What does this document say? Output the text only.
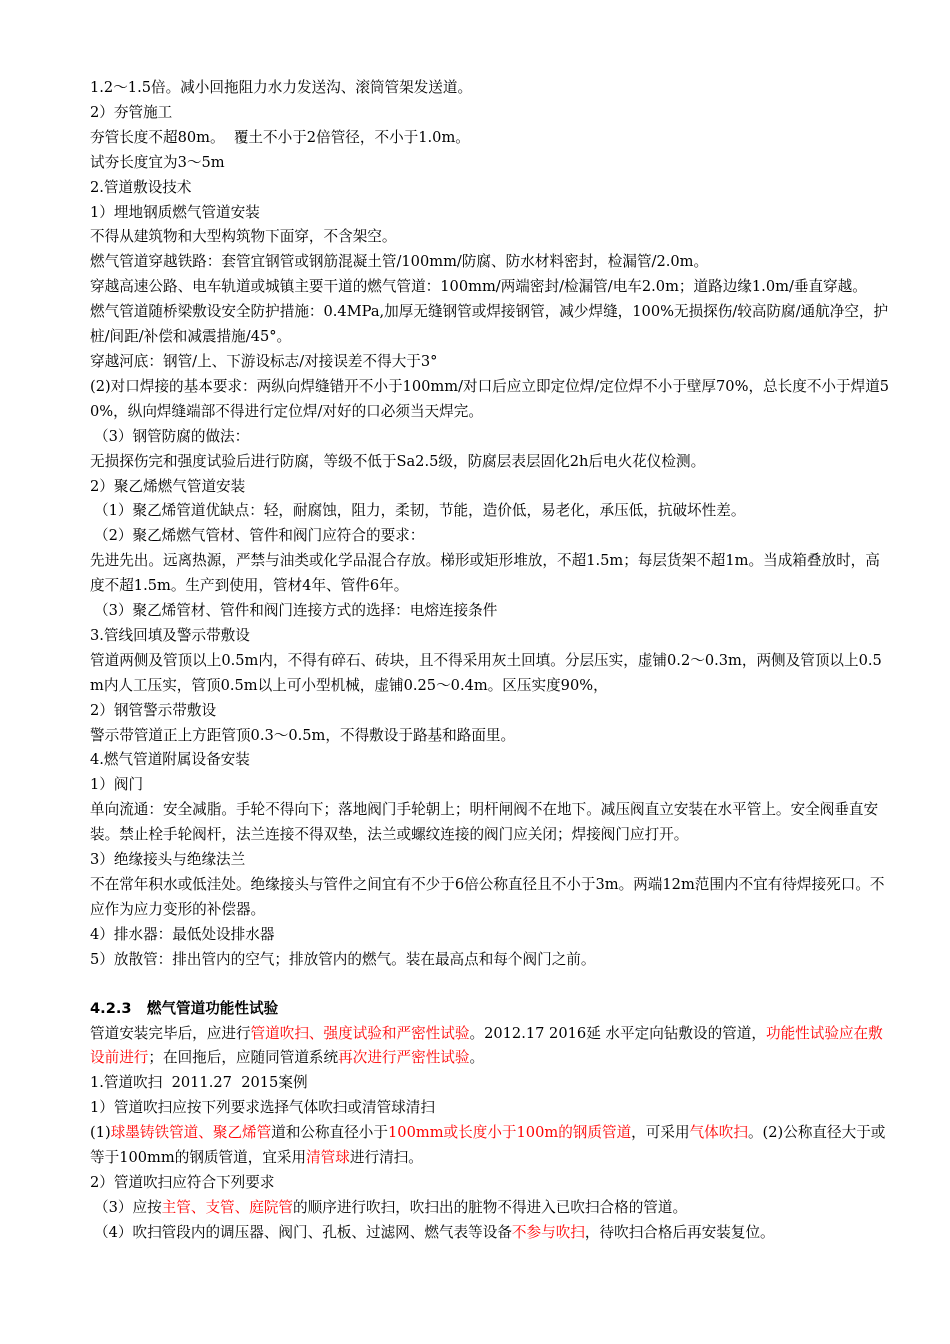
1.2～1.5倍。减小回拖阻力水力发送沟、滚筒管架发送道。

2）夯管施工

夯管长度不超80m。  覆土不小于2倍管径，不小于1.0m。

试夯长度宜为3～5m

2.管道敷设技术

1）埋地钢质燃气管道安装

不得从建筑物和大型构筑物下面穿，不含架空。

燃气管道穿越铁路：套管宜钢管或钢筋混凝土管/100mm/防腐、防水材料密封，检漏管/2.0m。

穿越高速公路、电车轨道或城镇主要干道的燃气管道：100mm/两端密封/检漏管/电车2.0m；道路边缘1.0m/垂直穿越。

燃气管道随桥梁敷设安全防护措施：0.4MPa,加厚无缝钢管或焊接钢管，减少焊缝，100%无损探伤/较高防腐/通航净空，护桩/间距/补偿和减震措施/45°。

穿越河底：钢管/上、下游设标志/对接误差不得大于3°

(2)对口焊接的基本要求：两纵向焊缝错开不小于100mm/对口后应立即定位焊/定位焊不小于壁厚70%，总长度不小于焊道50%，纵向焊缝端部不得进行定位焊/对好的口必须当天焊完。

（3）钢管防腐的做法：

无损探伤完和强度试验后进行防腐，等级不低于Sa2.5级，防腐层表层固化2h后电火花仪检测。

2）聚乙烯燃气管道安装

（1）聚乙烯管道优缺点：轻，耐腐蚀，阻力，柔韧，节能，造价低，易老化，承压低，抗破坏性差。

（2）聚乙烯燃气管材、管件和阀门应符合的要求：

先进先出。远离热源，严禁与油类或化学品混合存放。梯形或矩形堆放，不超1.5m；每层货架不超1m。当成箱叠放时，高度不超1.5m。生产到使用，管材4年、管件6年。

（3）聚乙烯管材、管件和阀门连接方式的选择：电熔连接条件

3.管线回填及警示带敷设

管道两侧及管顶以上0.5m内，不得有碎石、砖块，且不得采用灰土回填。分层压实，虚铺0.2～0.3m，两侧及管顶以上0.5m内人工压实，管顶0.5m以上可小型机械，虚铺0.25～0.4m。区压实度90%，

2）钢管警示带敷设

警示带管道正上方距管顶0.3～0.5m，不得敷设于路基和路面里。

4.燃气管道附属设备安装

1）阀门

单向流通：安全减脂。手轮不得向下；落地阀门手轮朝上；明杆闸阀不在地下。减压阀直立安装在水平管上。安全阀垂直安装。禁止栓手轮阀杆，法兰连接不得双垫，法兰或螺纹连接的阀门应关闭；焊接阀门应打开。

3）绝缘接头与绝缘法兰

不在常年积水或低洼处。绝缘接头与管件之间宜有不少于6倍公称直径且不小于3m。两端12m范围内不宜有待焊接死口。不应作为应力变形的补偿器。

4）排水器：最低处设排水器

5）放散管：排出管内的空气；排放管内的燃气。装在最高点和每个阀门之前。

4.2.3 燃气管道功能性试验

管道安装完毕后，应进行管道吹扫、强度试验和严密性试验。2012.17 2016延 水平定向钻敷设的管道，功能性试验应在敷设前进行；在回拖后，应随同管道系统再次进行严密性试验。

1.管道吹扫  2011.27  2015案例

1）管道吹扫应按下列要求选择气体吹扫或清管球清扫

(1)球墨铸铁管道、聚乙烯管道和公称直径小于100mm或长度小于100m的钢质管道，可采用气体吹扫。(2)公称直径大于或等于100mm的钢质管道，宜采用清管球进行清扫。

2）管道吹扫应符合下列要求

（3）应按主管、支管、庭院管的顺序进行吹扫，吹扫出的脏物不得进入已吹扫合格的管道。

（4）吹扫管段内的调压器、阀门、孔板、过滤网、燃气表等设备不参与吹扫，待吹扫合格后再安装复位。
